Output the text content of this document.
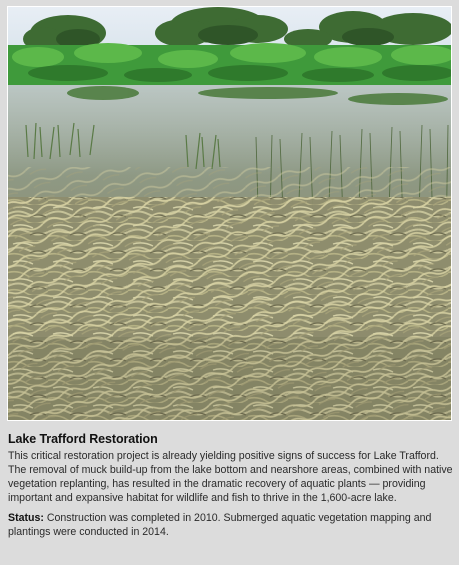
Lake Trafford Restoration

This critical restoration project is already yielding positive signs of success for Lake Trafford. The removal of muck build-up from the lake bottom and nearshore areas, combined with native vegetation replanting, has resulted in the dramatic recovery of aquatic plants — providing important and expansive habitat for wildlife and fish to thrive in the 1,600-acre lake.

Status: Construction was completed in 2010. Submerged aquatic vegetation mapping and plantings were conducted in 2014.
